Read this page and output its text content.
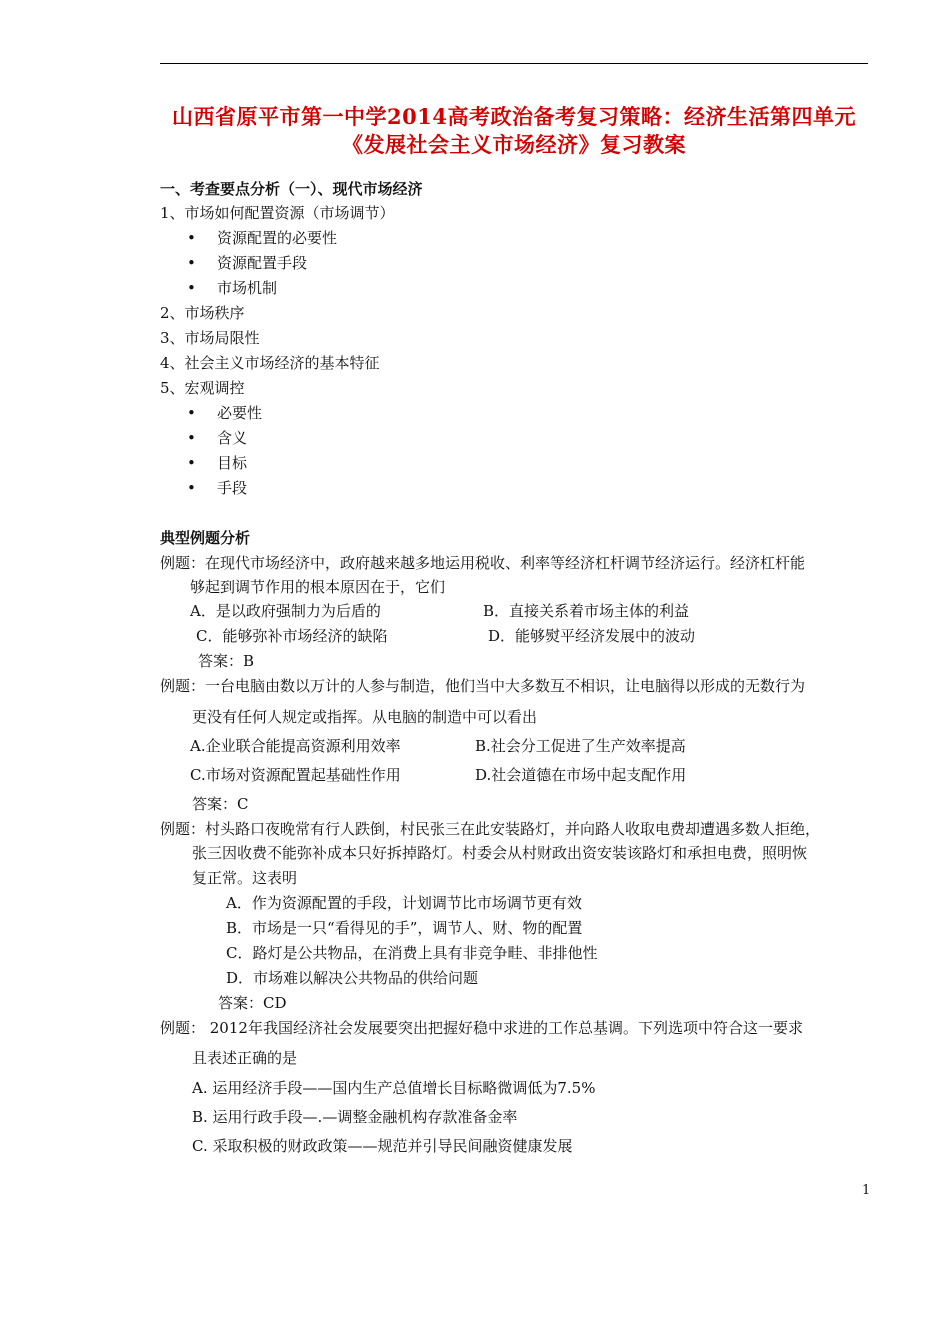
山西省原平市第一中学2014高考政治备考复习策略：经济生活第四单元
《发展社会主义市场经济》复习教案
一、考查要点分析（一）、现代市场经济
1、市场如何配置资源（市场调节）
• 资源配置的必要性
• 资源配置手段
• 市场机制
2、市场秩序
3、市场局限性
4、社会主义市场经济的基本特征
5、宏观调控
• 必要性
• 含义
• 目标
• 手段
典型例题分析
例题：在现代市场经济中，政府越来越多地运用税收、利率等经济杠杆调节经济运行。经济杠杆能
够起到调节作用的根本原因在于，它们
A．是以政府强制力为后盾的	B．直接关系着市场主体的利益
C．能够弥补市场经济的缺陷	D．能够熨平经济发展中的波动
答案：B
例题：一台电脑由数以万计的人参与制造，他们当中大多数互不相识，让电脑得以形成的无数行为
更没有任何人规定或指挥。从电脑的制造中可以看出
A.企业联合能提高资源利用效率	B.社会分工促进了生产效率提高
C.市场对资源配置起基础性作用	D.社会道德在市场中起支配作用
答案：C
例题：村头路口夜晚常有行人跌倒，村民张三在此安装路灯，并向路人收取电费却遭遇多数人拒绝，
张三因收费不能弥补成本只好拆掉路灯。村委会从村财政出资安装该路灯和承担电费，照明恢
复正常。这表明
A．作为资源配置的手段，计划调节比市场调节更有效
B．市场是一只“看得见的手”，调节人、财、物的配置
C．路灯是公共物品，在消费上具有非竞争畦、非排他性
D．市场难以解决公共物品的供给问题
答案：CD
例题： 2012年我国经济社会发展要突出把握好稳中求进的工作总基调。下列选项中符合这一要求
且表述正确的是
A. 运用经济手段——国内生产总值增长目标略微调低为7.5%
B. 运用行政手段—.—调整金融机构存款准备金率
C. 采取积极的财政政策——规范并引导民间融资健康发展
1
